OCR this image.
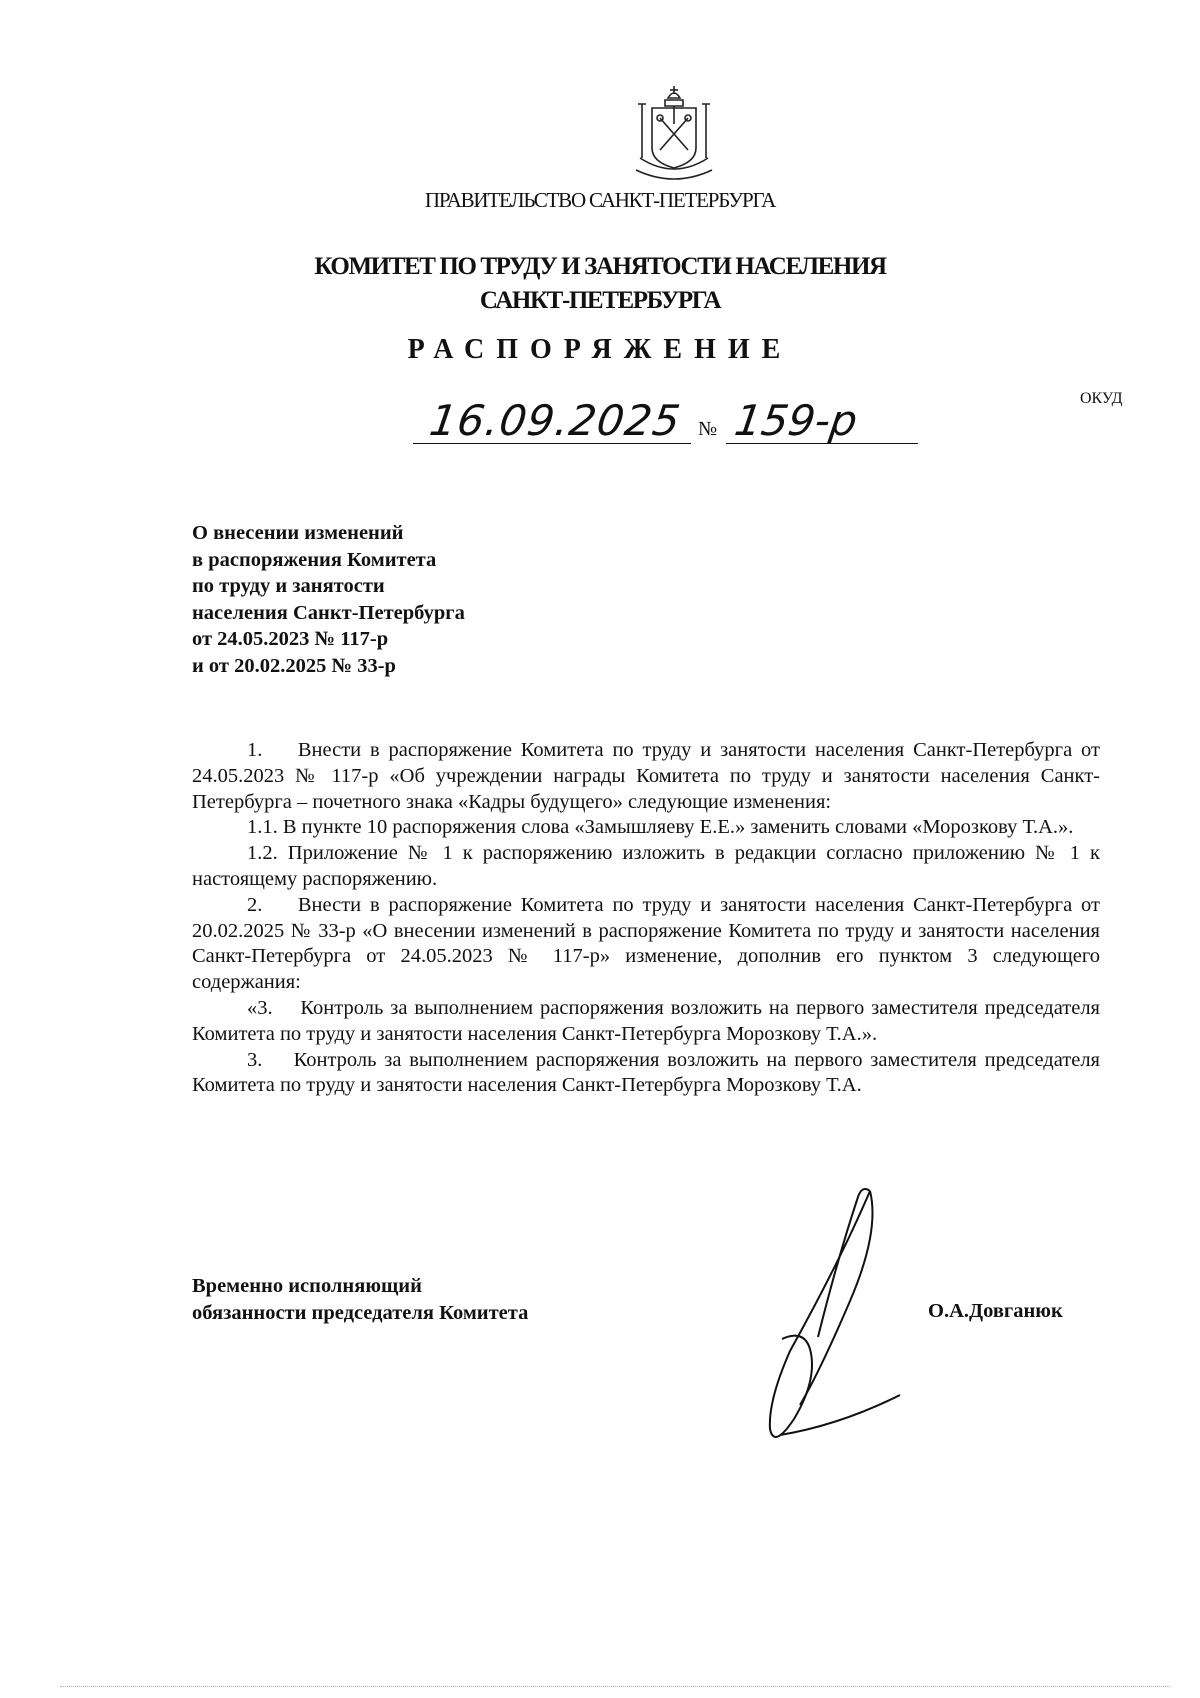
ПРАВИТЕЛЬСТВО САНКТ-ПЕТЕРБУРГА
КОМИТЕТ ПО ТРУДУ И ЗАНЯТОСТИ НАСЕЛЕНИЯ
САНКТ-ПЕТЕРБУРГА
РАСПОРЯЖЕНИЕ
ОКУД
16.09.2025 № 159-р
О внесении изменений
в распоряжения Комитета
по труду и занятости
населения Санкт-Петербурга
от 24.05.2023 № 117-р
и от 20.02.2025 № 33-р

1.    Внести в распоряжение Комитета по труду и занятости населения Санкт-Петербурга от 24.05.2023 № 117-р «Об учреждении награды Комитета по труду и занятости населения Санкт-Петербурга – почетного знака «Кадры будущего» следующие изменения:

1.1. В пункте 10 распоряжения слова «Замышляеву Е.Е.» заменить словами «Морозкову Т.А.».

1.2. Приложение № 1 к распоряжению изложить в редакции согласно приложению № 1 к настоящему распоряжению.

2.    Внести в распоряжение Комитета по труду и занятости населения Санкт-Петербурга от 20.02.2025 № 33-р «О внесении изменений в распоряжение Комитета по труду и занятости населения Санкт-Петербурга от 24.05.2023 № 117-р» изменение, дополнив его пунктом 3 следующего содержания:

«3.    Контроль за выполнением распоряжения возложить на первого заместителя председателя Комитета по труду и занятости населения Санкт-Петербурга Морозкову Т.А.».

3.    Контроль за выполнением распоряжения возложить на первого заместителя председателя Комитета по труду и занятости населения Санкт-Петербурга Морозкову Т.А.

Временно исполняющий
обязанности председателя Комитета	О.А.Довганюк
